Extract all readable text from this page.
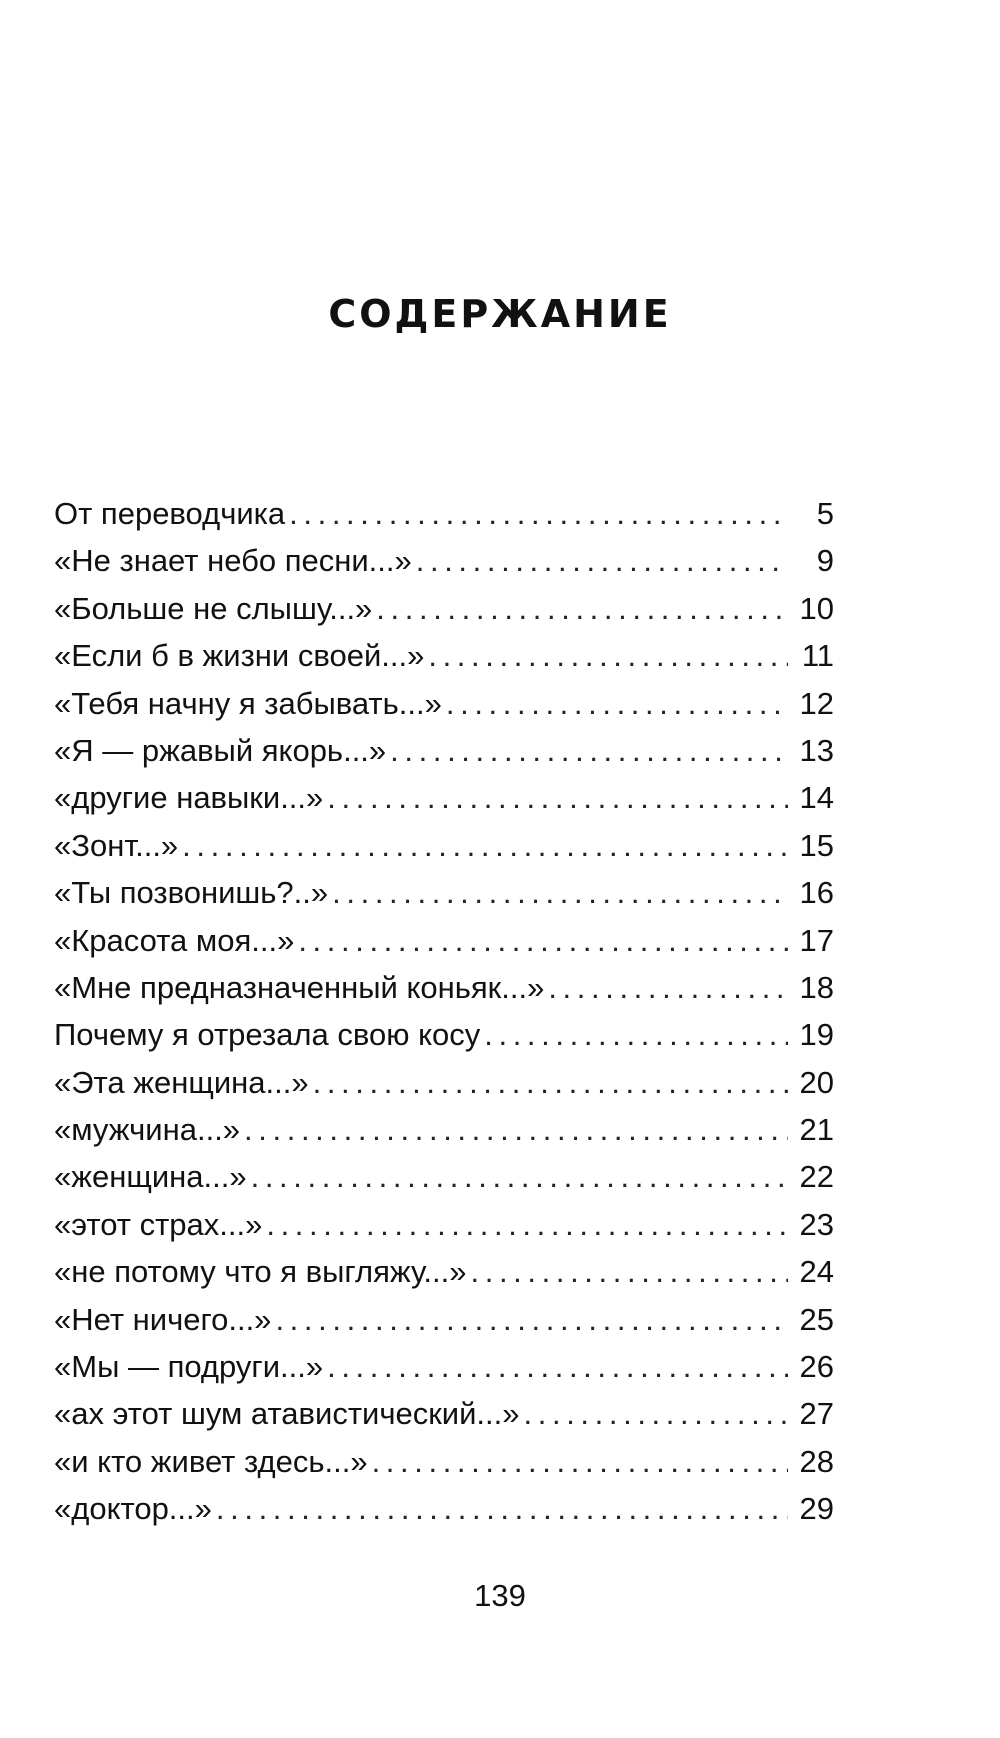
СОДЕРЖАНИЕ
От переводчика . . .	5
«Не знает небо песни...» . . .	9
«Больше не слышу...» . . .	10
«Если б в жизни своей...» . . .	11
«Тебя начну я забывать...» . . .	12
«Я — ржавый якорь...» . . .	13
«другие навыки...» . . .	14
«Зонт...» . . .	15
«Ты позвонишь?..» . . .	16
«Красота моя...» . . .	17
«Мне предназначенный коньяк...» . . .	18
Почему я отрезала свою косу . . .	19
«Эта женщина...» . . .	20
«мужчина...» . . .	21
«женщина...» . . .	22
«этот страх...» . . .	23
«не потому что я выгляжу...» . . .	24
«Нет ничего...» . . .	25
«Мы — подруги...» . . .	26
«ах этот шум атавистический...» . . .	27
«и кто живет здесь...» . . .	28
«доктор...» . . .	29
139
